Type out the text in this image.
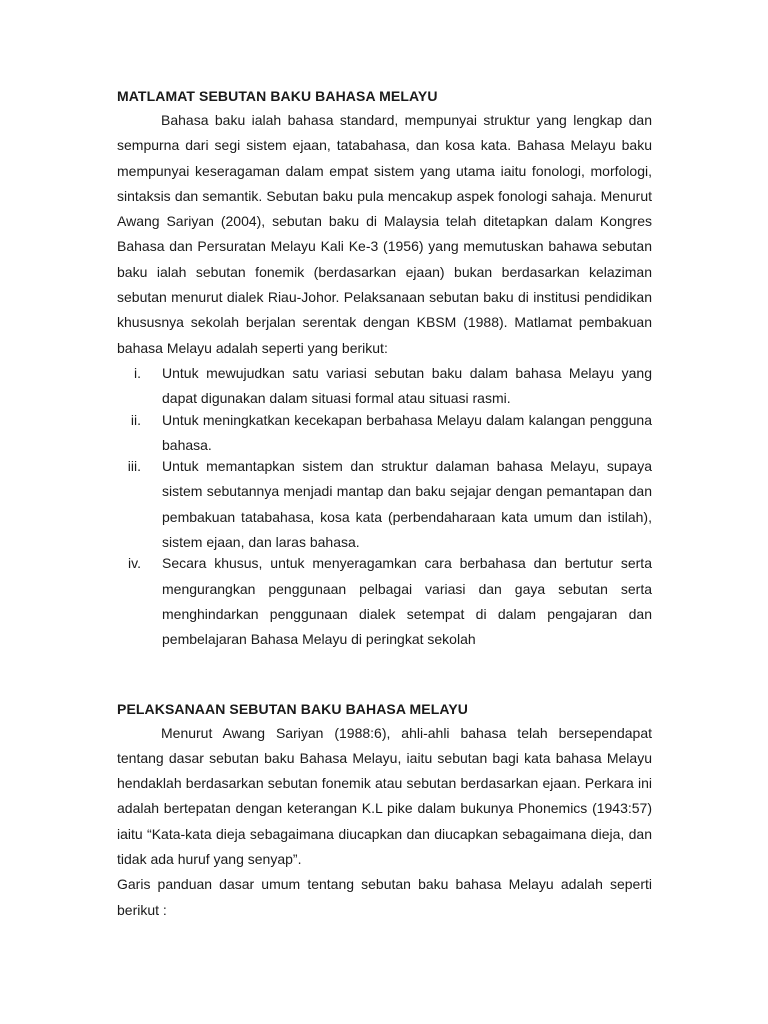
MATLAMAT SEBUTAN BAKU BAHASA MELAYU

Bahasa baku ialah bahasa standard, mempunyai struktur yang lengkap dan sempurna dari segi sistem ejaan, tatabahasa, dan kosa kata. Bahasa Melayu baku mempunyai keseragaman dalam empat sistem yang utama iaitu fonologi, morfologi, sintaksis dan semantik. Sebutan baku pula mencakup aspek fonologi sahaja. Menurut Awang Sariyan (2004), sebutan baku di Malaysia telah ditetapkan dalam Kongres Bahasa dan Persuratan Melayu Kali Ke-3 (1956) yang memutuskan bahawa sebutan baku ialah sebutan fonemik (berdasarkan ejaan) bukan berdasarkan kelaziman sebutan menurut dialek Riau-Johor. Pelaksanaan sebutan baku di institusi pendidikan khususnya sekolah berjalan serentak dengan KBSM (1988). Matlamat pembakuan bahasa Melayu adalah seperti yang berikut:

i. Untuk mewujudkan satu variasi sebutan baku dalam bahasa Melayu yang dapat digunakan dalam situasi formal atau situasi rasmi.
ii. Untuk meningkatkan kecekapan berbahasa Melayu dalam kalangan pengguna bahasa.
iii. Untuk memantapkan sistem dan struktur dalaman bahasa Melayu, supaya sistem sebutannya menjadi mantap dan baku sejajar dengan pemantapan dan pembakuan tatabahasa, kosa kata (perbendaharaan kata umum dan istilah), sistem ejaan, dan laras bahasa.
iv. Secara khusus, untuk menyeragamkan cara berbahasa dan bertutur serta mengurangkan penggunaan pelbagai variasi dan gaya sebutan serta menghindarkan penggunaan dialek setempat di dalam pengajaran dan pembelajaran Bahasa Melayu di peringkat sekolah
PELAKSANAAN SEBUTAN BAKU BAHASA MELAYU

Menurut Awang Sariyan (1988:6), ahli-ahli bahasa telah bersependapat tentang dasar sebutan baku Bahasa Melayu, iaitu sebutan bagi kata bahasa Melayu hendaklah berdasarkan sebutan fonemik atau sebutan berdasarkan ejaan. Perkara ini adalah bertepatan dengan keterangan K.L pike dalam bukunya Phonemics (1943:57) iaitu “Kata-kata dieja sebagaimana diucapkan dan diucapkan sebagaimana dieja, dan tidak ada huruf yang senyap”.

Garis panduan dasar umum tentang sebutan baku bahasa Melayu adalah seperti berikut :
